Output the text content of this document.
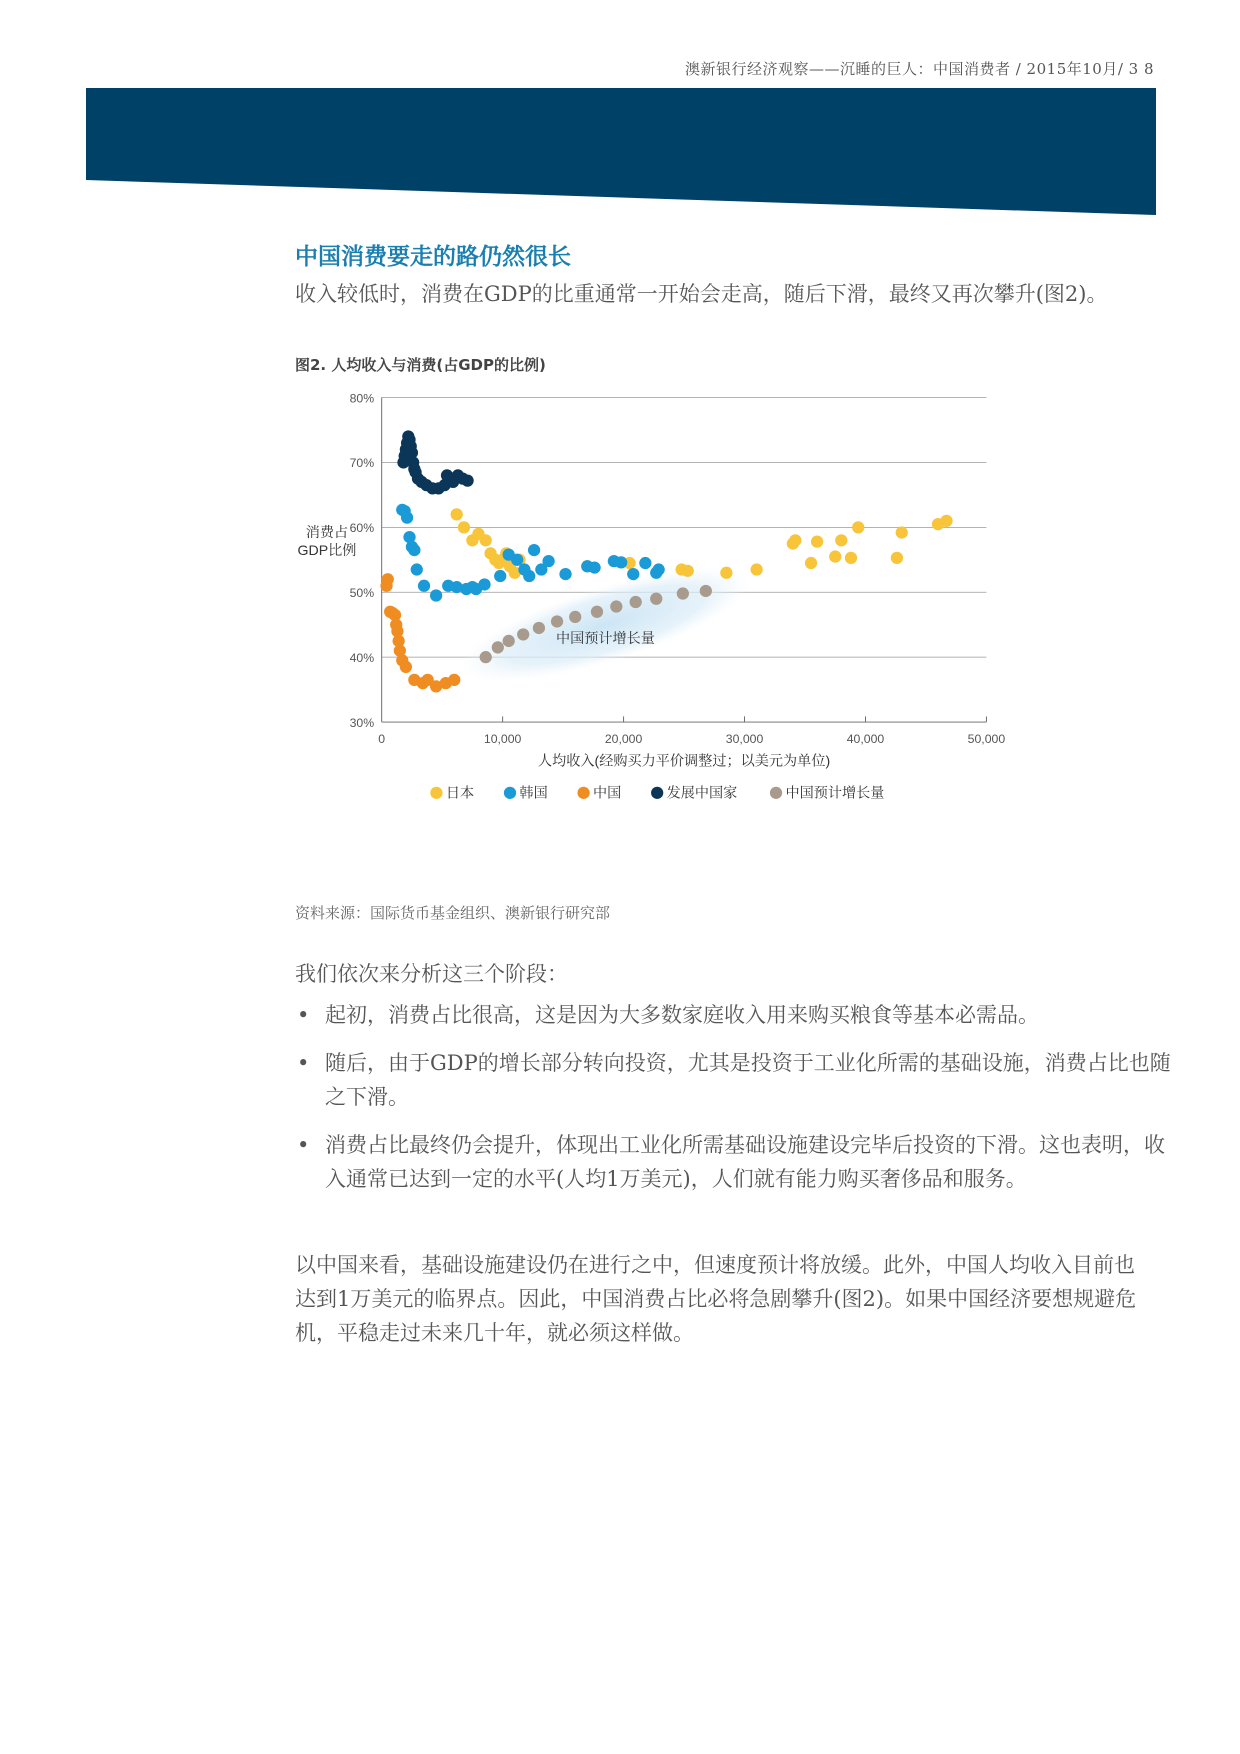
澳新银行经济观察——沉睡的巨人：中国消费者 / 2015年10月/ 3 8
中国消费要走的路仍然很长
收入较低时，消费在GDP的比重通常一开始会走高，随后下滑，最终又再次攀升(图2)。
图2. 人均收入与消费(占GDP的比例)
中国预计增长量
30%
40%
50%
60%
70%
80%
0	10,000	20,000	30,000	40,000	50,000
人均收入(经购买力平价调整过；以美元为单位)
消费占 GDP比例
日本	韩国	中国	发展中国家	中国预计增长量
资料来源：国际货币基金组织、澳新银行研究部
我们依次来分析这三个阶段：
• 起初，消费占比很高，这是因为大多数家庭收入用来购买粮食等基本必需品。
• 随后，由于GDP的增长部分转向投资，尤其是投资于工业化所需的基础设施，消费占比也随之下滑。
• 消费占比最终仍会提升，体现出工业化所需基础设施建设完毕后投资的下滑。这也表明，收入通常已达到一定的水平(人均1万美元)，人们就有能力购买奢侈品和服务。
以中国来看，基础设施建设仍在进行之中，但速度预计将放缓。此外，中国人均收入目前也达到1万美元的临界点。因此，中国消费占比必将急剧攀升(图2)。如果中国经济要想规避危机，平稳走过未来几十年，就必须这样做。
